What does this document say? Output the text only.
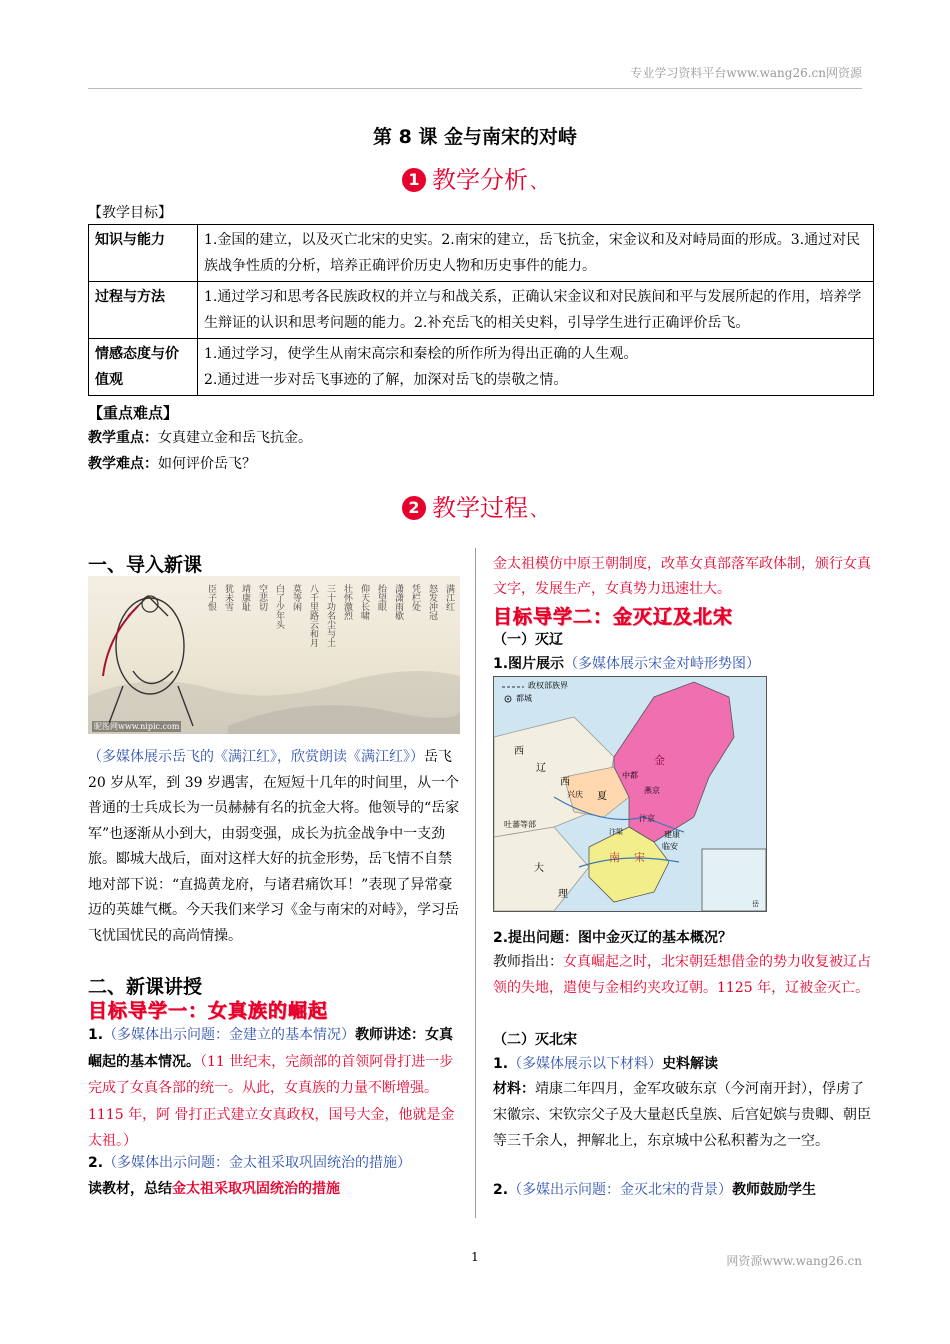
专业学习资料平台www.wang26.cn网资源
第 8 课 金与南宋的对峙
1 教学分析 、
【教学目标】
知识与能力	1.金国的建立，以及灭亡北宋的史实。2.南宋的建立，岳飞抗金，宋金议和及对峙局面的形成。3.通过对民族战争性质的分析，培养正确评价历史人物和历史事件的能力。
过程与方法	1.通过学习和思考各民族政权的并立与和战关系，正确认宋金议和对民族间和平与发展所起的作用，培养学生辩证的认识和思考问题的能力。2.补充岳飞的相关史料，引导学生进行正确评价岳飞。
情感态度与价值观	1.通过学习，使学生从南宋高宗和秦桧的所作所为得出正确的人生观。
2.通过进一步对岳飞事迹的了解，加深对岳飞的崇敬之情。
【重点难点】
教学重点：女真建立金和岳飞抗金。
教学难点：如何评价岳飞？
2 教学过程 、
一、导入新课
满江红
怒发冲冠
凭栏处
潇潇雨歇
抬望眼
仰天长啸
壮怀激烈
三十功名尘与土
八千里路云和月
莫等闲
白了少年头
空悲切
靖康耻
犹未雪
臣子恨
昵图网www.nipic.com
（多媒体展示岳飞的《满江红》，欣赏朗读《满江红》）岳飞 20 岁从军，到 39 岁遇害，在短短十几年的时间里，从一个普通的士兵成长为一员赫赫有名的抗金大将。他领导的“岳家军”也逐渐从小到大，由弱变强，成长为抗金战争中一支劲旅。郾城大战后，面对这样大好的抗金形势，岳飞情不自禁地对部下说：“直捣黄龙府，与诸君痛饮耳！”表现了异常豪迈的英雄气概。今天我们来学习《金与南宋的对峙》，学习岳飞忧国忧民的高尚情操。
二、新课讲授
目标导学一：女真族的崛起
1.（多媒体出示问题：金建立的基本情况）教师讲述：女真崛起的基本情况。（11 世纪末，完颜部的首领阿骨打进一步完成了女真各部的统一。从此，女真族的力量不断增强。1115 年，阿 骨打正式建立女真政权，国号大金，他就是金太祖。）
2.（多媒体出示问题：金太祖采取巩固统治的措施）
读教材，总结金太祖采取巩固统治的措施
金太祖模仿中原王朝制度，改革女真部落军政体制，颁行女真文字，发展生产，女真势力迅速壮大。
目标导学二：金灭辽及北宋
（一）灭辽
1.图片展示（多媒体展示宋金对峙形势图）
政权部族界
都城
西
辽
西
夏
兴庆
吐蕃等部
大
理
金
中都
燕京
汴京
汴梁
临安
建康
南 宋
岳
2.提出问题：图中金灭辽的基本概况？
教师指出：女真崛起之时，北宋朝廷想借金的势力收复被辽占领的失地，遣使与金相约夹攻辽朝。1125 年，辽被金灭亡。
（二）灭北宋
1.（多媒体展示以下材料）史料解读
材料：靖康二年四月，金军攻破东京（今河南开封），俘虏了宋徽宗、宋钦宗父子及大量赵氏皇族、后宫妃嫔与贵卿、朝臣等三千余人，押解北上，东京城中公私积蓄为之一空。
2.（多媒出示问题：金灭北宋的背景）教师鼓励学生
1	网资源www.wang26.cn
